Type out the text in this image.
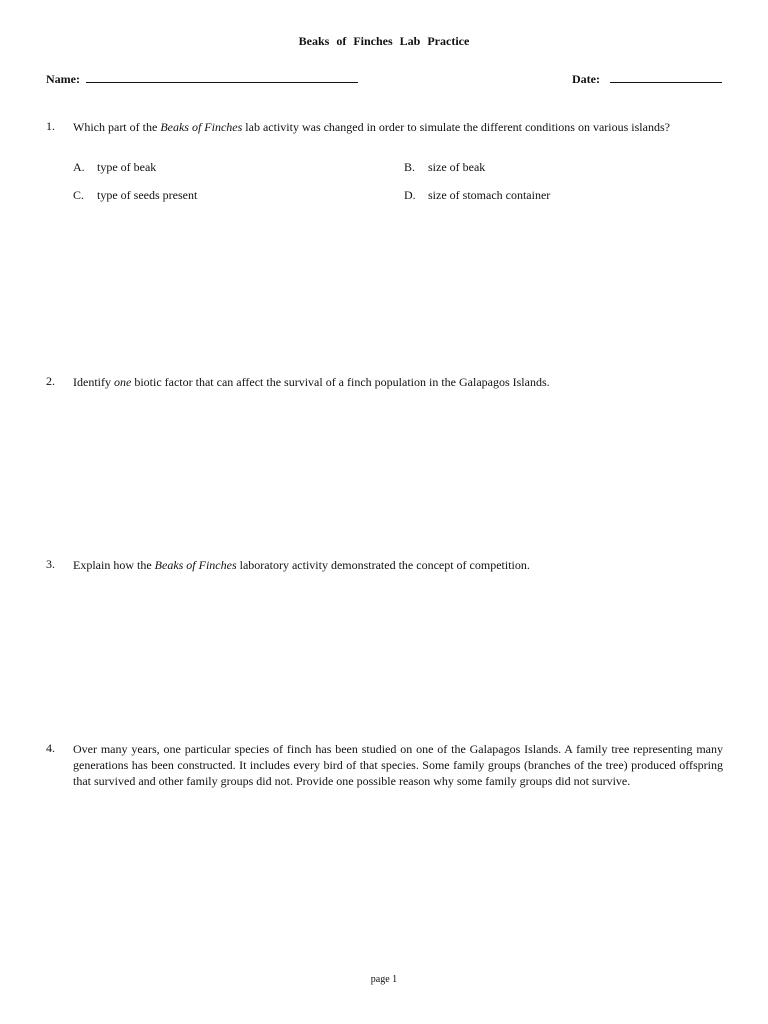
Beaks of Finches Lab Practice
Name:	Date:
1. Which part of the Beaks of Finches lab activity was changed in order to simulate the different conditions on various islands?
A. type of beak	B. size of beak
C. type of seeds present	D. size of stomach container
2. Identify one biotic factor that can affect the survival of a finch population in the Galapagos Islands.
3. Explain how the Beaks of Finches laboratory activity demonstrated the concept of competition.
4. Over many years, one particular species of finch has been studied on one of the Galapagos Islands. A family tree representing many generations has been constructed. It includes every bird of that species. Some family groups (branches of the tree) produced offspring that survived and other family groups did not. Provide one possible reason why some family groups did not survive.
page 1
